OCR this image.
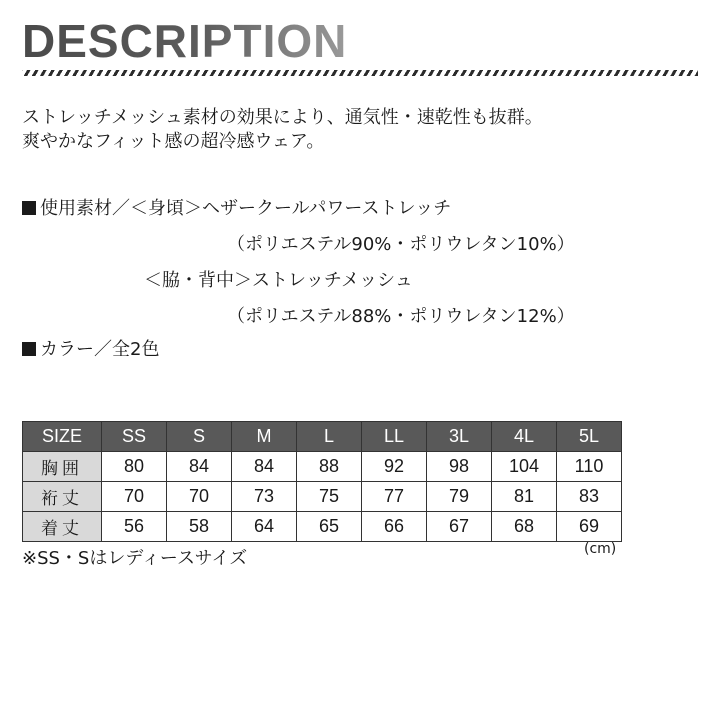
DESCRIPTION

ストレッチメッシュ素材の効果により、通気性・速乾性も抜群。

爽やかなフィット感の超冷感ウェア。

使用素材／＜身頃＞ヘザークールパワーストレッチ
（ポリエステル90%・ポリウレタン10%）
＜脇・背中＞ストレッチメッシュ
（ポリエステル88%・ポリウレタン12%）
カラー／全2色
SIZE	SS	S	M	L	LL	3L	4L	5L
胸囲	80	84	84	88	92	98	104	110
裄丈	70	70	73	75	77	79	81	83
着丈	56	58	64	65	66	67	68	69
(cm)
※SS・Sはレディースサイズ
